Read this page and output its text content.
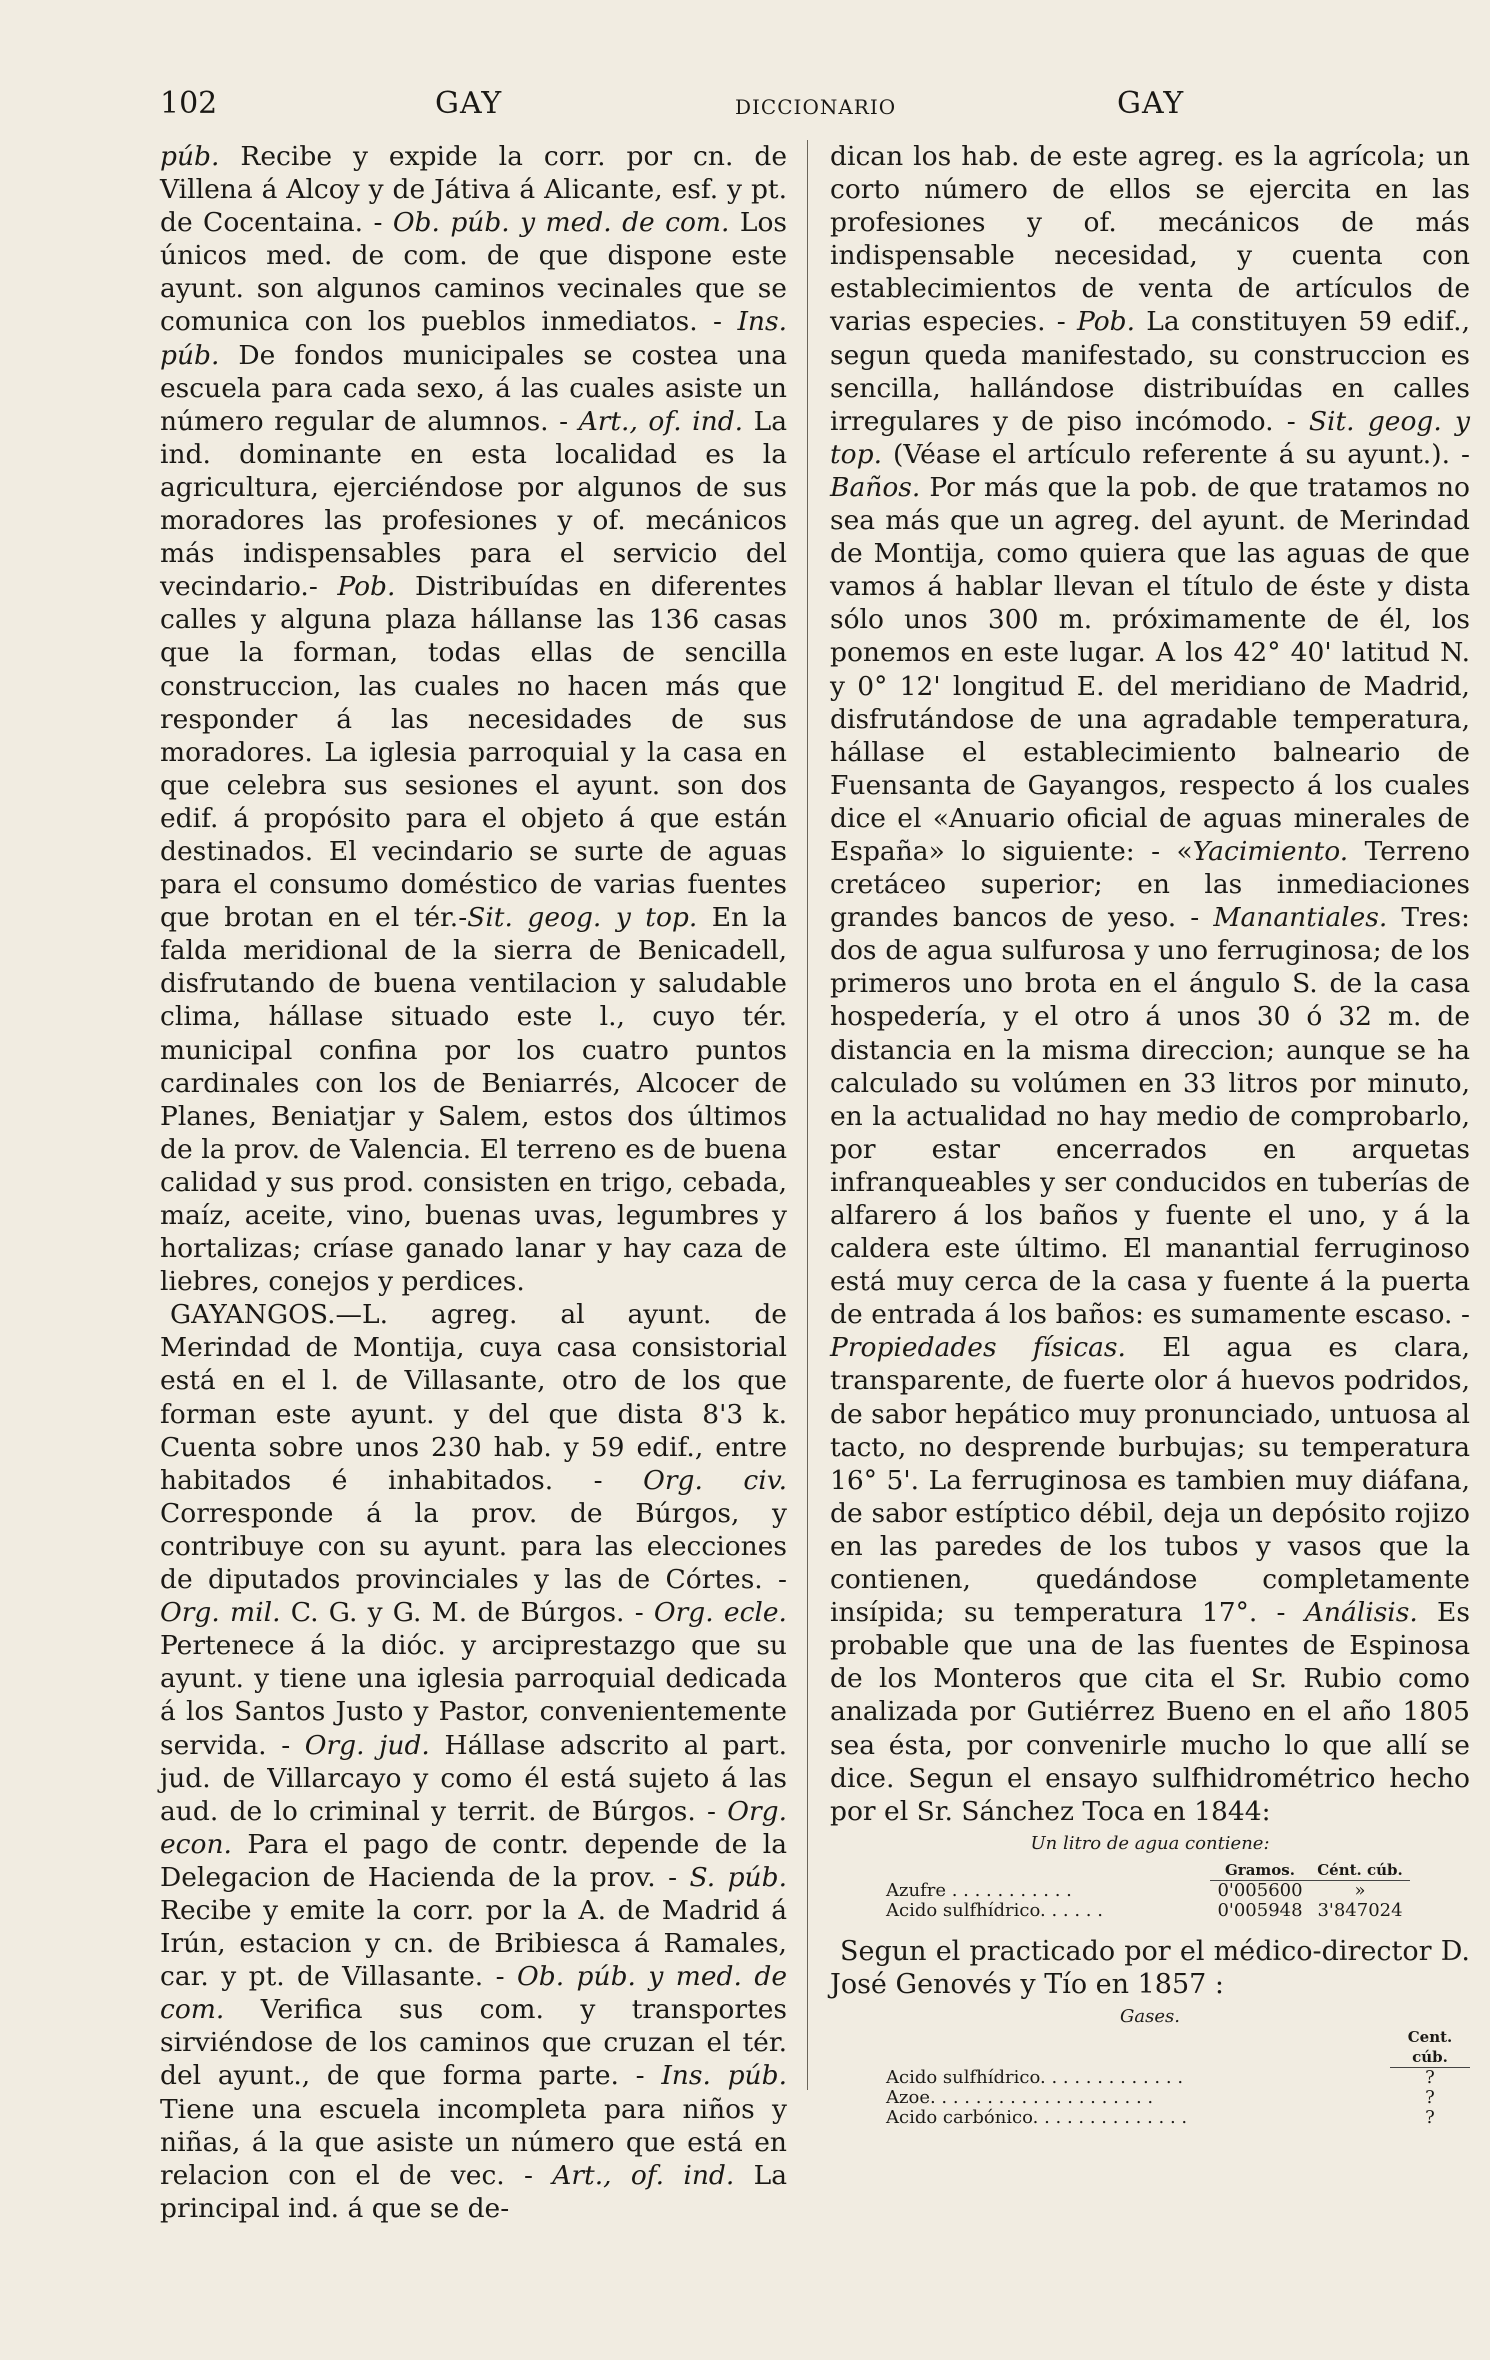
102	GAY	DICCIONARIO	GAY

púb. Recibe y expide la corr. por cn. de Villena á Alcoy y de Játiva á Alicante, esf. y pt. de Cocentaina. - Ob. púb. y med. de com. Los únicos med. de com. de que dispone este ayunt. son algunos caminos vecinales que se comunica con los pueblos inmediatos. - Ins. púb. De fondos municipales se costea una escuela para cada sexo, á las cuales asiste un número regular de alumnos. - Art., of. ind. La ind. dominante en esta localidad es la agricultura, ejerciéndose por algunos de sus moradores las profesiones y of. mecánicos más indispensables para el servicio del vecindario.- Pob. Distribuídas en diferentes calles y alguna plaza hállanse las 136 casas que la forman, todas ellas de sencilla construccion, las cuales no hacen más que responder á las necesidades de sus moradores. La iglesia parroquial y la casa en que celebra sus sesiones el ayunt. son dos edif. á propósito para el objeto á que están destinados. El vecindario se surte de aguas para el consumo doméstico de varias fuentes que brotan en el tér.-Sit. geog. y top. En la falda meridional de la sierra de Benicadell, disfrutando de buena ventilacion y saludable clima, hállase situado este l., cuyo tér. municipal confina por los cuatro puntos cardinales con los de Beniarrés, Alcocer de Planes, Beniatjar y Salem, estos dos últimos de la prov. de Valencia. El terreno es de buena calidad y sus prod. consisten en trigo, cebada, maíz, aceite, vino, buenas uvas, legumbres y hortalizas; críase ganado lanar y hay caza de liebres, conejos y perdices.

GAYANGOS.—L. agreg. al ayunt. de Merindad de Montija, cuya casa consistorial está en el l. de Villasante, otro de los que forman este ayunt. y del que dista 8'3 k. Cuenta sobre unos 230 hab. y 59 edif., entre habitados é inhabitados. - Org. civ. Corresponde á la prov. de Búrgos, y contribuye con su ayunt. para las elecciones de diputados provinciales y las de Córtes. - Org. mil. C. G. y G. M. de Búrgos. - Org. ecle. Pertenece á la dióc. y arciprestazgo que su ayunt. y tiene una iglesia parroquial dedicada á los Santos Justo y Pastor, convenientemente servida. - Org. jud. Hállase adscrito al part. jud. de Villarcayo y como él está sujeto á las aud. de lo criminal y territ. de Búrgos. - Org. econ. Para el pago de contr. depende de la Delegacion de Hacienda de la prov. - S. púb. Recibe y emite la corr. por la A. de Madrid á Irún, estacion y cn. de Bribiesca á Ramales, car. y pt. de Villasante. - Ob. púb. y med. de com. Verifica sus com. y transportes sirviéndose de los caminos que cruzan el tér. del ayunt., de que forma parte. - Ins. púb. Tiene una escuela incompleta para niños y niñas, á la que asiste un número que está en relacion con el de vec. - Art., of. ind. La principal ind. á que se de-

dican los hab. de este agreg. es la agrícola; un corto número de ellos se ejercita en las profesiones y of. mecánicos de más indispensable necesidad, y cuenta con establecimientos de venta de artículos de varias especies. - Pob. La constituyen 59 edif., segun queda manifestado, su construccion es sencilla, hallándose distribuídas en calles irregulares y de piso incómodo. - Sit. geog. y top. (Véase el artículo referente á su ayunt.). - Baños. Por más que la pob. de que tratamos no sea más que un agreg. del ayunt. de Merindad de Montija, como quiera que las aguas de que vamos á hablar llevan el título de éste y dista sólo unos 300 m. próximamente de él, los ponemos en este lugar. A los 42° 40' latitud N. y 0° 12' longitud E. del meridiano de Madrid, disfrutándose de una agradable temperatura, hállase el establecimiento balneario de Fuensanta de Gayangos, respecto á los cuales dice el «Anuario oficial de aguas minerales de España» lo siguiente: - «Yacimiento. Terreno cretáceo superior; en las inmediaciones grandes bancos de yeso. - Manantiales. Tres: dos de agua sulfurosa y uno ferruginosa; de los primeros uno brota en el ángulo S. de la casa hospedería, y el otro á unos 30 ó 32 m. de distancia en la misma direccion; aunque se ha calculado su volúmen en 33 litros por minuto, en la actualidad no hay medio de comprobarlo, por estar encerrados en arquetas infranqueables y ser conducidos en tuberías de alfarero á los baños y fuente el uno, y á la caldera este último. El manantial ferruginoso está muy cerca de la casa y fuente á la puerta de entrada á los baños: es sumamente escaso. - Propiedades físicas. El agua es clara, transparente, de fuerte olor á huevos podridos, de sabor hepático muy pronunciado, untuosa al tacto, no desprende burbujas; su temperatura 16° 5'. La ferruginosa es tambien muy diáfana, de sabor estíptico débil, deja un depósito rojizo en las paredes de los tubos y vasos que la contienen, quedándose completamente insípida; su temperatura 17°. - Análisis. Es probable que una de las fuentes de Espinosa de los Monteros que cita el Sr. Rubio como analizada por Gutiérrez Bueno en el año 1805 sea ésta, por convenirle mucho lo que allí se dice. Segun el ensayo sulfhidrométrico hecho por el Sr. Sánchez Toca en 1844:

Un litro de agua contiene:
Gramos.	Cént. cúb.
Azufre . . . . . . . . . . .	0'005600	»
Acido sulfhídrico. . . . . .	0'005948 3'847024

Segun el practicado por el médico-director D. José Genovés y Tío en 1857 :

Gases.
Cent. cúb.
Acido sulfhídrico. . . . . . . . . . . . .	?
Azoe. . . . . . . . . . . . . . . . . . . .	?
Acido carbónico. . . . . . . . . . . . . .	?
